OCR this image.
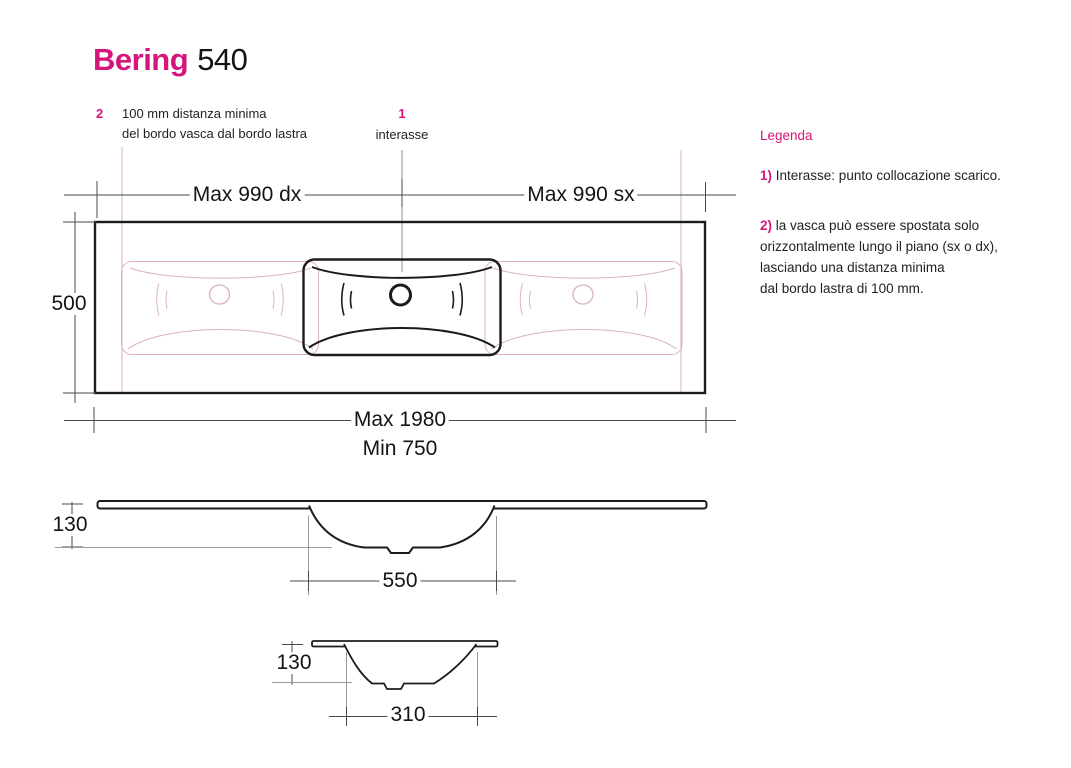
Bering 540
2 100 mm distanza minima
del bordo vasca dal bordo lastra
1
interasse	Legenda
1) Interasse: punto collocazione scarico.
2) la vasca può essere spostata solo
orizzontalmente lungo il piano (sx o dx),
lasciando una distanza minima
dal bordo lastra di 100 mm.
Max 990 dx	Max 990 sx
500
Max 1980
Min 750
130
550
130
310
